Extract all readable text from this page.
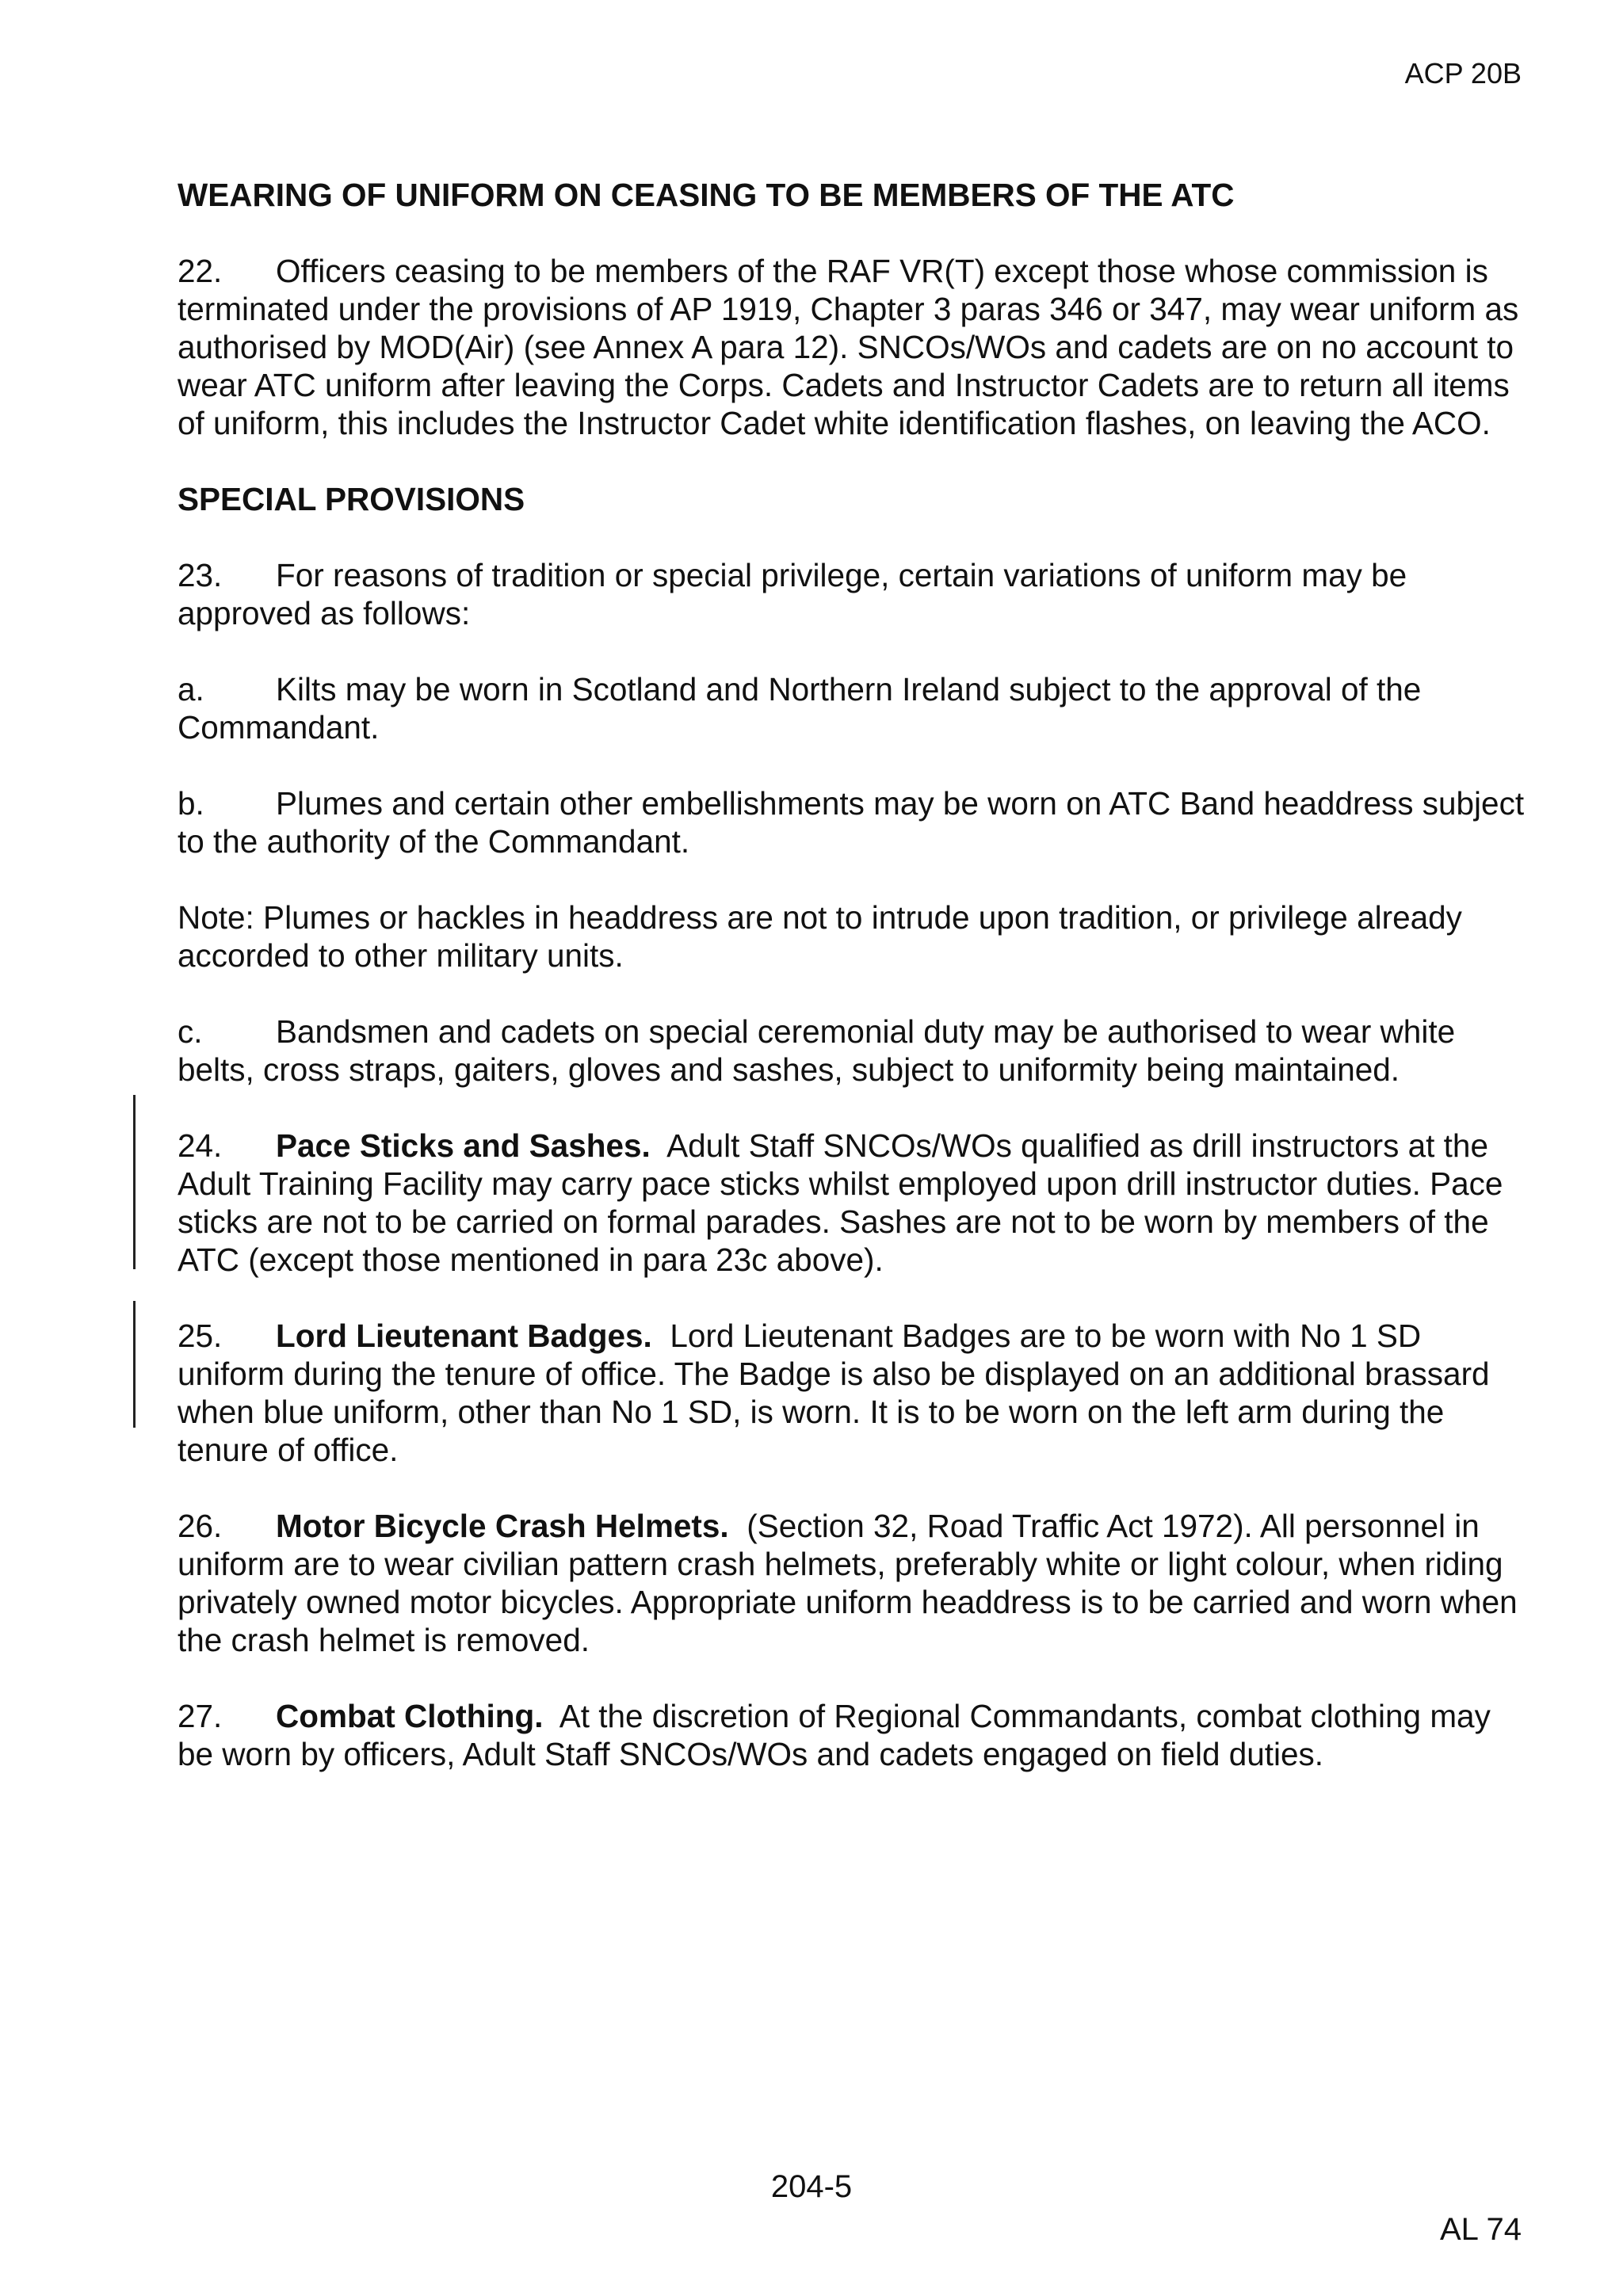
ACP 20B

WEARING OF UNIFORM ON CEASING TO BE MEMBERS OF THE ATC

22. Officers ceasing to be members of the RAF VR(T) except those whose commission is terminated under the provisions of AP 1919, Chapter 3 paras 346 or 347, may wear uniform as authorised by MOD(Air) (see Annex A para 12). SNCOs/WOs and cadets are on no account to wear ATC uniform after leaving the Corps. Cadets and Instructor Cadets are to return all items of uniform, this includes the Instructor Cadet white identification flashes, on leaving the ACO.

SPECIAL PROVISIONS

23. For reasons of tradition or special privilege, certain variations of uniform may be approved as follows:

a. Kilts may be worn in Scotland and Northern Ireland subject to the approval of the Commandant.

b. Plumes and certain other embellishments may be worn on ATC Band headdress subject to the authority of the Commandant.

Note: Plumes or hackles in headdress are not to intrude upon tradition, or privilege already accorded to other military units.

c. Bandsmen and cadets on special ceremonial duty may be authorised to wear white belts, cross straps, gaiters, gloves and sashes, subject to uniformity being maintained.

24. Pace Sticks and Sashes. Adult Staff SNCOs/WOs qualified as drill instructors at the Adult Training Facility may carry pace sticks whilst employed upon drill instructor duties. Pace sticks are not to be carried on formal parades. Sashes are not to be worn by members of the ATC (except those mentioned in para 23c above).

25. Lord Lieutenant Badges. Lord Lieutenant Badges are to be worn with No 1 SD uniform during the tenure of office. The Badge is also be displayed on an additional brassard when blue uniform, other than No 1 SD, is worn. It is to be worn on the left arm during the tenure of office.

26. Motor Bicycle Crash Helmets. (Section 32, Road Traffic Act 1972). All personnel in uniform are to wear civilian pattern crash helmets, preferably white or light colour, when riding privately owned motor bicycles. Appropriate uniform headdress is to be carried and worn when the crash helmet is removed.

27. Combat Clothing. At the discretion of Regional Commandants, combat clothing may be worn by officers, Adult Staff SNCOs/WOs and cadets engaged on field duties.

204-5
AL 74
